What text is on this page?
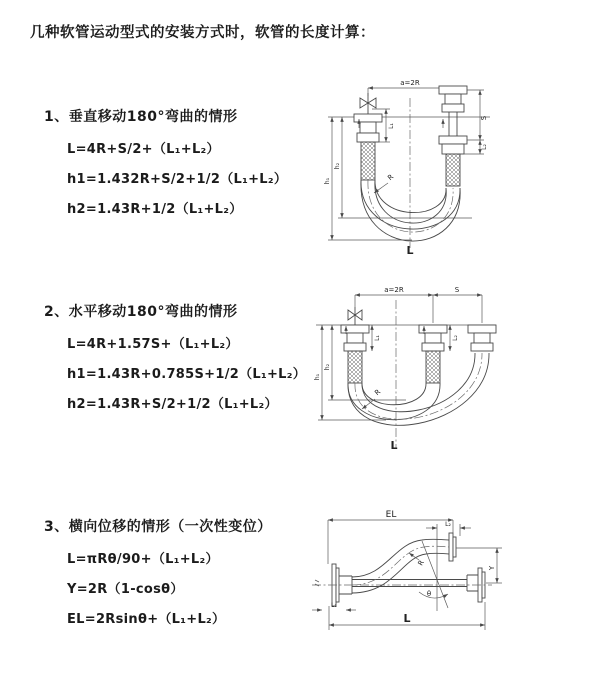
几种软管运动型式的安装方式时，软管的长度计算：
1、垂直移动180°弯曲的情形
L=4R+S/2+（L₁+L₂）
h1=1.432R+S/2+1/2（L₁+L₂）
h2=1.43R+1/2（L₁+L₂）
2、水平移动180°弯曲的情形
L=4R+1.57S+（L₁+L₂）
h1=1.43R+0.785S+1/2（L₁+L₂）
h2=1.43R+S/2+1/2（L₁+L₂）
3、横向位移的情形（一次性变位）
L=πRθ/90+（L₁+L₂）
Y=2R（1-cosθ）
EL=2Rsinθ+（L₁+L₂）
a=2R
S
L₂
L₁
h₁
h₂
R
L
a=2R	S
L₁	L₂
h₁
h₂
R
L
EL
L₂
Y
R
θ
L₁
L
